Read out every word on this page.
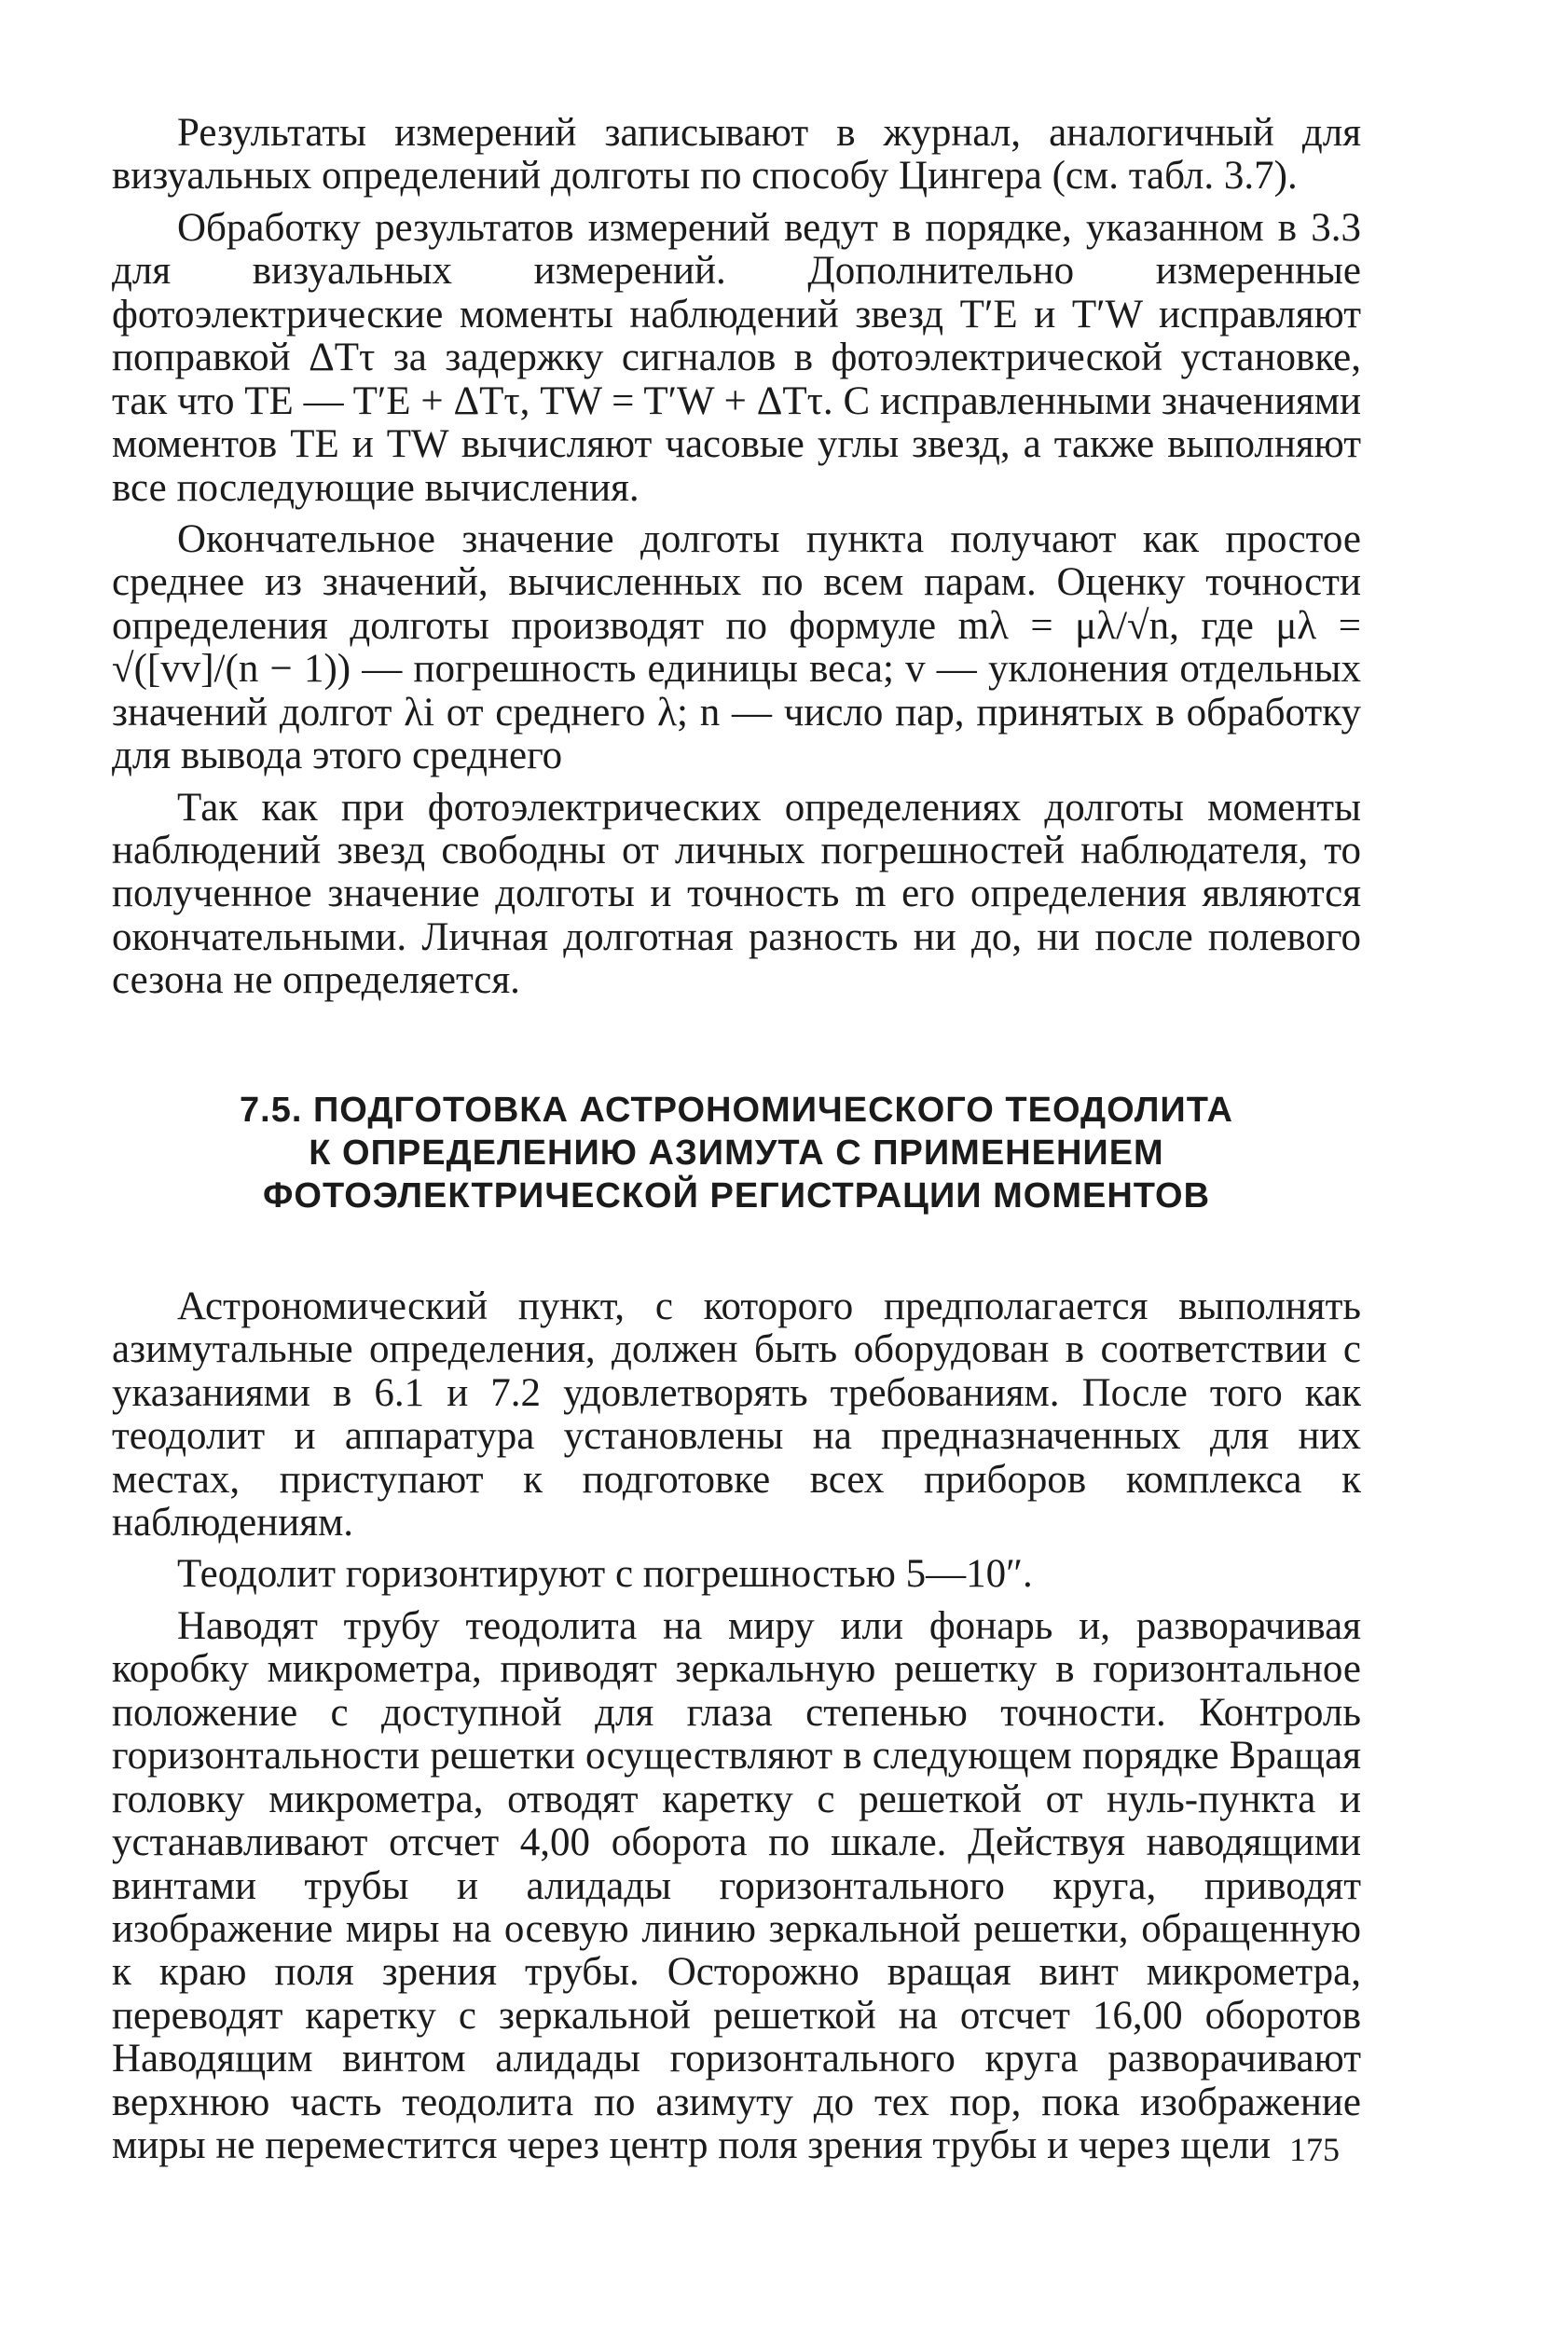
Результаты измерений записывают в журнал, аналогичный для визуальных определений долготы по способу Цингера (см. табл. 3.7).

Обработку результатов измерений ведут в порядке, указанном в 3.3 для визуальных измерений. Дополнительно измеренные фотоэлектрические моменты наблюдений звезд T′E и T′W исправляют поправкой ΔTτ за задержку сигналов в фотоэлектрической установке, так что TE — T′E + ΔTτ, TW = T′W + ΔTτ. С исправленными значениями моментов TE и TW вычисляют часовые углы звезд, а также выполняют все последующие вычисления.

Окончательное значение долготы пункта получают как простое среднее из значений, вычисленных по всем парам. Оценку точности определения долготы производят по формуле mλ = μλ/√n, где μλ = √([vv]/(n − 1)) — погрешность единицы веса; v — уклонения отдельных значений долгот λi от среднего λ; n — число пар, принятых в обработку для вывода этого среднего

Так как при фотоэлектрических определениях долготы моменты наблюдений звезд свободны от личных погрешностей наблюдателя, то полученное значение долготы и точность m его определения являются окончательными. Личная долготная разность ни до, ни после полевого сезона не определяется.

7.5. ПОДГОТОВКА АСТРОНОМИЧЕСКОГО ТЕОДОЛИТА
К ОПРЕДЕЛЕНИЮ АЗИМУТА С ПРИМЕНЕНИЕМ
ФОТОЭЛЕКТРИЧЕСКОЙ РЕГИСТРАЦИИ МОМЕНТОВ

Астрономический пункт, с которого предполагается выполнять азимутальные определения, должен быть оборудован в соответствии с указаниями в 6.1 и 7.2 удовлетворять требованиям. После того как теодолит и аппаратура установлены на предназначенных для них местах, приступают к подготовке всех приборов комплекса к наблюдениям.

Теодолит горизонтируют с погрешностью 5—10″.

Наводят трубу теодолита на миру или фонарь и, разворачивая коробку микрометра, приводят зеркальную решетку в горизонтальное положение с доступной для глаза степенью точности. Контроль горизонтальности решетки осуществляют в следующем порядке Вращая головку микрометра, отводят каретку с решеткой от нуль-пункта и устанавливают отсчет 4,00 оборота по шкале. Действуя наводящими винтами трубы и алидады горизонтального круга, приводят изображение миры на осевую линию зеркальной решетки, обращенную к краю поля зрения трубы. Осторожно вращая винт микрометра, переводят каретку с зеркальной решеткой на отсчет 16,00 оборотов Наводящим винтом алидады горизонтального круга разворачивают верхнюю часть теодолита по азимуту до тех пор, пока изображение миры не переместится через центр поля зрения трубы и через щели 175
